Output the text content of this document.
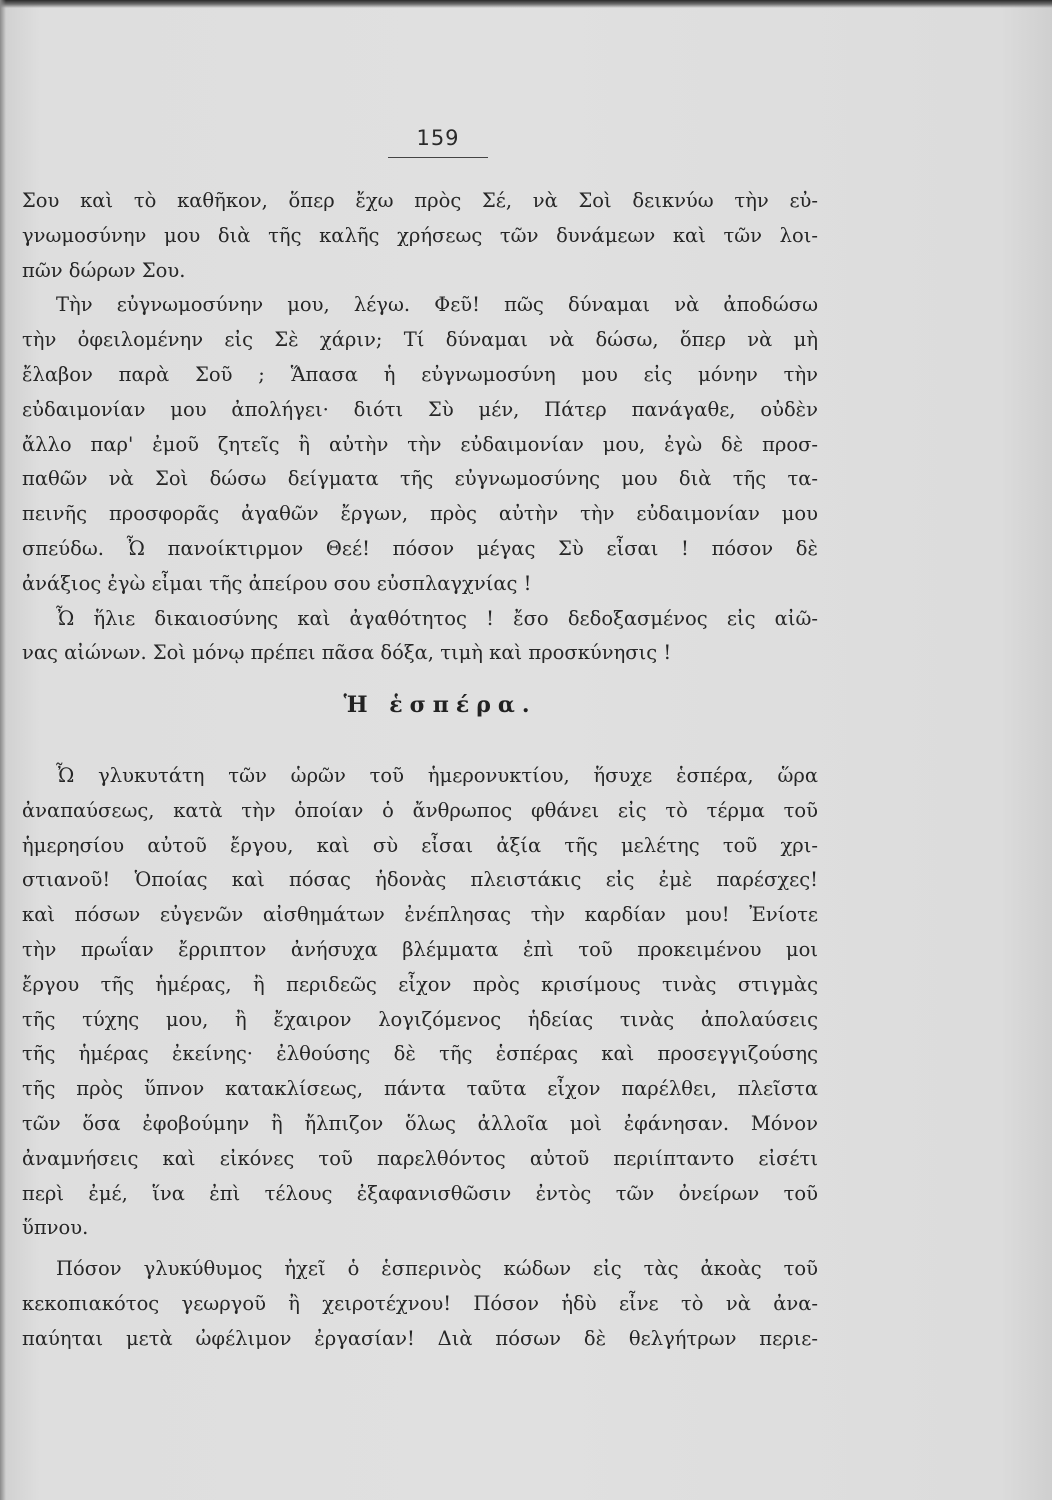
159
Σου καὶ τὸ καθῆκον, ὅπερ ἔχω πρὸς Σέ, νὰ Σοὶ δεικνύω τὴν εὐ-
γνωμοσύνην μου διὰ τῆς καλῆς χρήσεως τῶν δυνάμεων καὶ τῶν λοι-
πῶν δώρων Σου.
Τὴν εὐγνωμοσύνην μου, λέγω. Φεῦ! πῶς δύναμαι νὰ ἀποδώσω
τὴν ὀφειλομένην εἰς Σὲ χάριν; Τί δύναμαι νὰ δώσω, ὅπερ νὰ μὴ
ἔλαβον παρὰ Σοῦ ; Ἅπασα ἡ εὐγνωμοσύνη μου εἰς μόνην τὴν
εὐδαιμονίαν μου ἀπολήγει· διότι Σὺ μέν, Πάτερ πανάγαθε, οὐδὲν
ἄλλο παρ' ἐμοῦ ζητεῖς ἢ αὐτὴν τὴν εὐδαιμονίαν μου, ἐγὼ δὲ προσ-
παθῶν νὰ Σοὶ δώσω δείγματα τῆς εὐγνωμοσύνης μου διὰ τῆς τα-
πεινῆς προσφορᾶς ἀγαθῶν ἔργων, πρὸς αὐτὴν τὴν εὐδαιμονίαν μου
σπεύδω. Ὦ πανοίκτιρμον Θεέ! πόσον μέγας Σὺ εἶσαι ! πόσον δὲ
ἀνάξιος ἐγὼ εἶμαι τῆς ἀπείρου σου εὐσπλαγχνίας !
Ὦ ἥλιε δικαιοσύνης καὶ ἀγαθότητος ! ἔσο δεδοξασμένος εἰς αἰῶ-
νας αἰώνων. Σοὶ μόνῳ πρέπει πᾶσα δόξα, τιμὴ καὶ προσκύνησις !
Ἡ ἑσπέρα.
Ὦ γλυκυτάτη τῶν ὡρῶν τοῦ ἡμερονυκτίου, ἥσυχε ἑσπέρα, ὥρα
ἀναπαύσεως, κατὰ τὴν ὁποίαν ὁ ἄνθρωπος φθάνει εἰς τὸ τέρμα τοῦ
ἡμερησίου αὐτοῦ ἔργου, καὶ σὺ εἶσαι ἀξία τῆς μελέτης τοῦ χρι-
στιανοῦ! Ὁποίας καὶ πόσας ἡδονὰς πλειστάκις εἰς ἐμὲ παρέσχες!
καὶ πόσων εὐγενῶν αἰσθημάτων ἐνέπλησας τὴν καρδίαν μου! Ἐνίοτε
τὴν πρωΐαν ἔρριπτον ἀνήσυχα βλέμματα ἐπὶ τοῦ προκειμένου μοι
ἔργου τῆς ἡμέρας, ἢ περιδεῶς εἶχον πρὸς κρισίμους τινὰς στιγμὰς
τῆς τύχης μου, ἢ ἔχαιρον λογιζόμενος ἡδείας τινὰς ἀπολαύσεις
τῆς ἡμέρας ἐκείνης· ἐλθούσης δὲ τῆς ἑσπέρας καὶ προσεγγιζούσης
τῆς πρὸς ὕπνον κατακλίσεως, πάντα ταῦτα εἶχον παρέλθει, πλεῖστα
τῶν ὅσα ἐφοβούμην ἢ ἤλπιζον ὅλως ἀλλοῖα μοὶ ἐφάνησαν. Μόνον
ἀναμνήσεις καὶ εἰκόνες τοῦ παρελθόντος αὐτοῦ περιίπταντο εἰσέτι
περὶ ἐμέ, ἵνα ἐπὶ τέλους ἐξαφανισθῶσιν ἐντὸς τῶν ὀνείρων τοῦ
ὕπνου.
Πόσον γλυκύθυμος ἠχεῖ ὁ ἑσπερινὸς κώδων εἰς τὰς ἀκοὰς τοῦ
κεκοπιακότος γεωργοῦ ἢ χειροτέχνου! Πόσον ἡδὺ εἶνε τὸ νὰ ἀνα-
παύηται μετὰ ὠφέλιμον ἐργασίαν! Διὰ πόσων δὲ θελγήτρων περιε-
